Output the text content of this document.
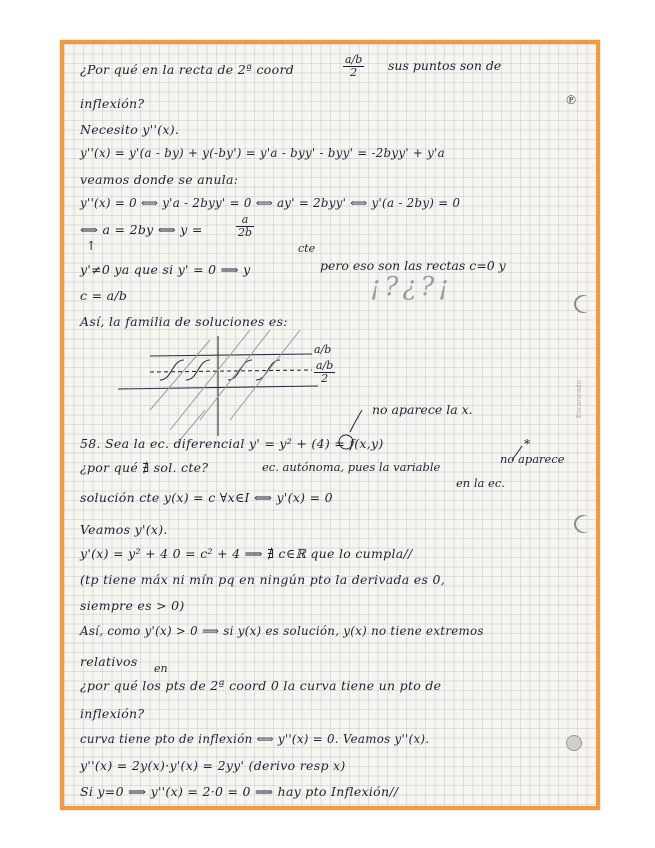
Escaneado

¿Por qué en la recta de 2ª coord	$\frac{a/b}{2}$ sus puntos son de

℗

inflexión?

Necesito y''(x).

y''(x) = y'(a - by) + y(-by') = y'a - byy' - byy' = -2byy' + y'a

veamos donde se anula:

y''(x) = 0 ⟺ y'a - 2byy' = 0 ⟺ ay' = 2byy' ⟺ y'(a - 2by) = 0

⟺ a = 2by ⟺ y =	$\frac{a}{2b}$

↑

y'≠0 ya que si y' = 0 ⟹ y

cte

pero eso son las rectas c=0 y

c = a/b	¡?¿?¡

Así, la familia de soluciones es:

a/b
$\frac{a/b}{2}$

no aparece la x.

58. Sea la ec. diferencial y' = y² + (4) = f(x,y)

¿por qué ∄ sol. cte?	ec. autónoma, pues la variable

*

no aparece

en la ec.

solución cte y(x) = c ∀x∈I ⟺ y'(x) = 0

Veamos y'(x).

y'(x) = y² + 4 0 = c² + 4 ⟹ ∄ c∈ℝ que lo cumpla//

(tp tiene máx ni mín pq en ningún pto la derivada es 0,

siempre es > 0)

Así, como y'(x) > 0 ⟹ si y(x) es solución, y(x) no tiene extremos

relativos en

¿por qué los pts de 2ª coord 0 la curva tiene un pto de

inflexión?

curva tiene pto de inflexión ⟺ y''(x) = 0. Veamos y''(x).

y''(x) = 2y(x)·y'(x) = 2yy' (derivo resp x)

Si y=0 ⟹ y''(x) = 2·0 = 0 ⟹ hay pto Inflexión//
